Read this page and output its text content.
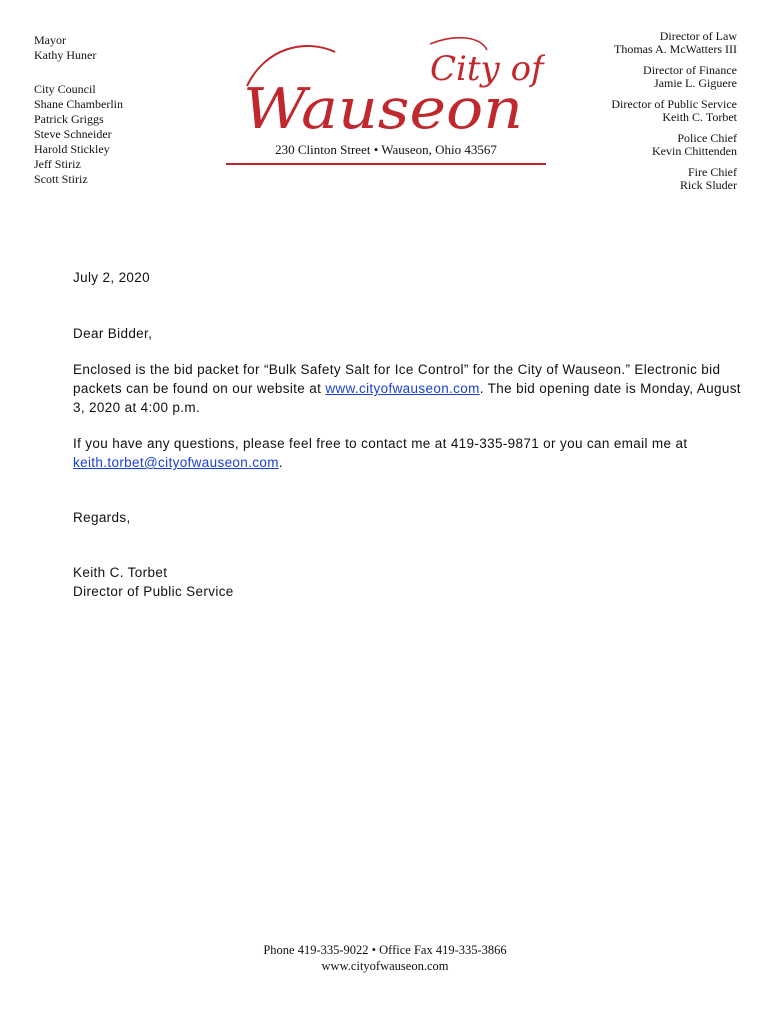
Mayor
Kathy Huner
City Council
Shane Chamberlin
Patrick Griggs
Steve Schneider
Harold Stickley
Jeff Stiriz
Scott Stiriz
City of
Wauseon
230 Clinton Street • Wauseon, Ohio 43567
Director of Law
Thomas A. McWatters III
Director of Finance
Jamie L. Giguere
Director of Public Service
Keith C. Torbet
Police Chief
Kevin Chittenden
Fire Chief
Rick Sluder

July 2, 2020

Dear Bidder,

Enclosed is the bid packet for “Bulk Safety Salt for Ice Control” for the City of Wauseon.” Electronic bid packets can be found on our website at www.cityofwauseon.com. The bid opening date is Monday, August 3, 2020 at 4:00 p.m.

If you have any questions, please feel free to contact me at 419-335-9871 or you can email me at keith.torbet@cityofwauseon.com.

Regards,

Keith C. Torbet

Director of Public Service

Phone 419-335-9022 • Office Fax 419-335-3866
www.cityofwauseon.com
